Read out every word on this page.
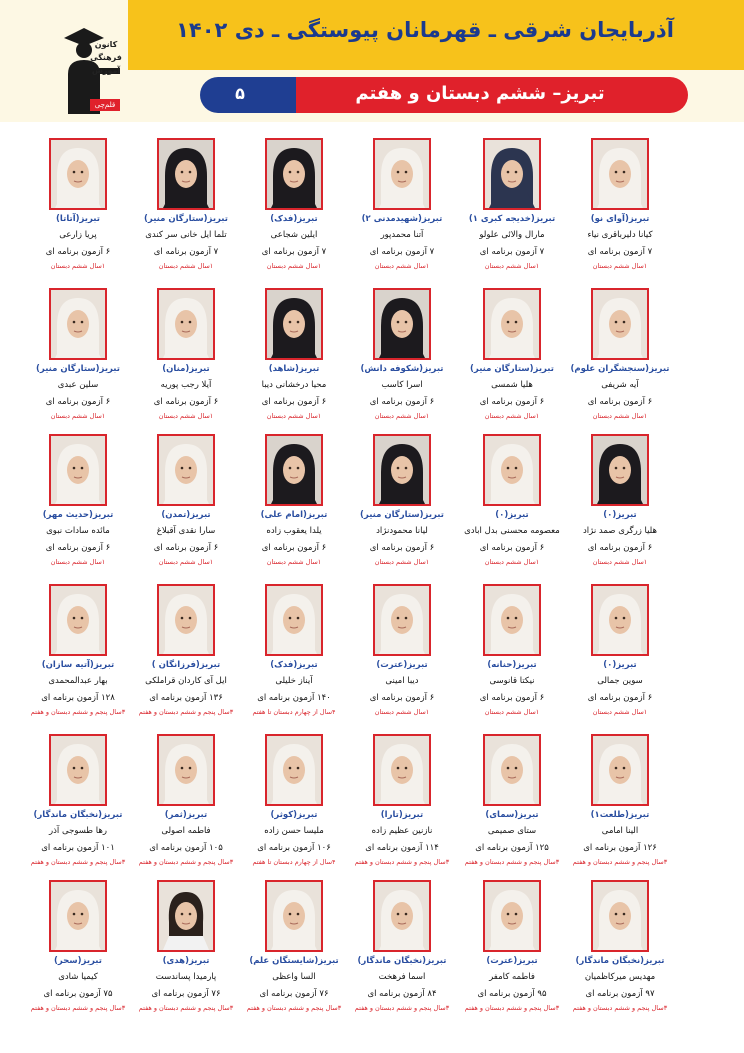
آذربایجان شرقی ـ قهرمانان پیوستگی ـ دی ۱۴۰۲
تبریز– ششم دبستان و هفتم
۵
کانون
فرهنگی
آموزش
قلم‌چی
تبریز(آوای نو)
کیانا دلیرباقری نیاء
۷ آزمون برنامه ای
۱سال ششم دبستان
تبریز(خدیجه کبری ۱)
مارال والائی علولو
۷ آزمون برنامه ای
۱سال ششم دبستان
تبریز(شهیدمدنی ۲)
آتنا محمدپور
۷ آزمون برنامه ای
۱سال ششم دبستان
تبریز(فدک)
ایلین شجاعی
۷ آزمون برنامه ای
۱سال ششم دبستان
تبریز(ستارگان منیر)
تلما ایل خانی سر کندی
۷ آزمون برنامه ای
۱سال ششم دبستان
تبریز(آتاتا)
پریا زارعی
۶ آزمون برنامه ای
۱سال ششم دبستان
تبریز(سنجشگران علوم)
آیه شریفی
۶ آزمون برنامه ای
۱سال ششم دبستان
تبریز(ستارگان منیر)
هلیا شمسی
۶ آزمون برنامه ای
۱سال ششم دبستان
تبریز(شکوفه دانش)
اسرا کاسب
۶ آزمون برنامه ای
۱سال ششم دبستان
تبریز(شاهد)
محیا درخشانی دیبا
۶ آزمون برنامه ای
۱سال ششم دبستان
تبریز(منان)
آیلا رجب پوریه
۶ آزمون برنامه ای
۱سال ششم دبستان
تبریز(ستارگان منیر)
سلین عبدی
۶ آزمون برنامه ای
۱سال ششم دبستان
تبریز(۰)
هلیا زرگری صمد نژاد
۶ آزمون برنامه ای
۱سال ششم دبستان
تبریز(۰)
معصومه محسنی بدل ابادی
۶ آزمون برنامه ای
۱سال ششم دبستان
تبریز(ستارگان منیر)
لیانا محمودنژاد
۶ آزمون برنامه ای
۱سال ششم دبستان
تبریز(امام علی)
یلدا یعقوب زاده
۶ آزمون برنامه ای
۱سال ششم دبستان
تبریز(تمدن)
سارا نقدی آقبلاغ
۶ آزمون برنامه ای
۱سال ششم دبستان
تبریز(حدیث مهر)
مائده سادات نبوی
۶ آزمون برنامه ای
۱سال ششم دبستان
تبریز(۰)
سوین جمالی
۶ آزمون برنامه ای
۱سال ششم دبستان
تبریز(حنانه)
نیکتا قانوسی
۶ آزمون برنامه ای
۱سال ششم دبستان
تبریز(عترت)
دیبا امینی
۶ آزمون برنامه ای
۱سال ششم دبستان
تبریز(فدک)
آیناز خلیلی
۱۴۰ آزمون برنامه ای
۴سال از چهارم دبستان تا هفتم
تبریز(فرزانگان )
ایل آی کاردان قراملکی
۱۳۶ آزمون برنامه ای
۳سال پنجم و ششم دبستان و هفتم
تبریز(آتیه سازان)
بهار عبدالمحمدی
۱۲۸ آزمون برنامه ای
۳سال پنجم و ششم دبستان و هفتم
تبریز(طلعت۱)
الینا امامی
۱۲۶ آزمون برنامه ای
۳سال پنجم و ششم دبستان و هفتم
تبریز(سمای)
ستای صمیمی
۱۲۵ آزمون برنامه ای
۳سال پنجم و ششم دبستان و هفتم
تبریز(تارا)
نازنین عظیم زاده
۱۱۴ آزمون برنامه ای
۳سال پنجم و ششم دبستان و هفتم
تبریز(کوثر)
ملیسا حسن زاده
۱۰۶ آزمون برنامه ای
۴سال از چهارم دبستان تا هفتم
تبریز(ثمر)
فاطمه اصولی
۱۰۵ آزمون برنامه ای
۳سال پنجم و ششم دبستان و هفتم
تبریز(نخبگان ماندگار)
رها طسوجی آذر
۱۰۱ آزمون برنامه ای
۳سال پنجم و ششم دبستان و هفتم
تبریز(نخبگان ماندگار)
مهدیس میرکاظمیان
۹۷ آزمون برنامه ای
۳سال پنجم و ششم دبستان و هفتم
تبریز(عترت)
فاطمه کامفر
۹۵ آزمون برنامه ای
۳سال پنجم و ششم دبستان و هفتم
تبریز(نخبگان ماندگار)
اسما فرهخت
۸۴ آزمون برنامه ای
۳سال پنجم و ششم دبستان و هفتم
تبریز(شایستگان علم)
السا واعظی
۷۶ آزمون برنامه ای
۳سال پنجم و ششم دبستان و هفتم
تبریز(هدی)
پارمیدا پساندست
۷۶ آزمون برنامه ای
۳سال پنجم و ششم دبستان و هفتم
تبریز(سحر)
کیمیا شادی
۷۵ آزمون برنامه ای
۳سال پنجم و ششم دبستان و هفتم
